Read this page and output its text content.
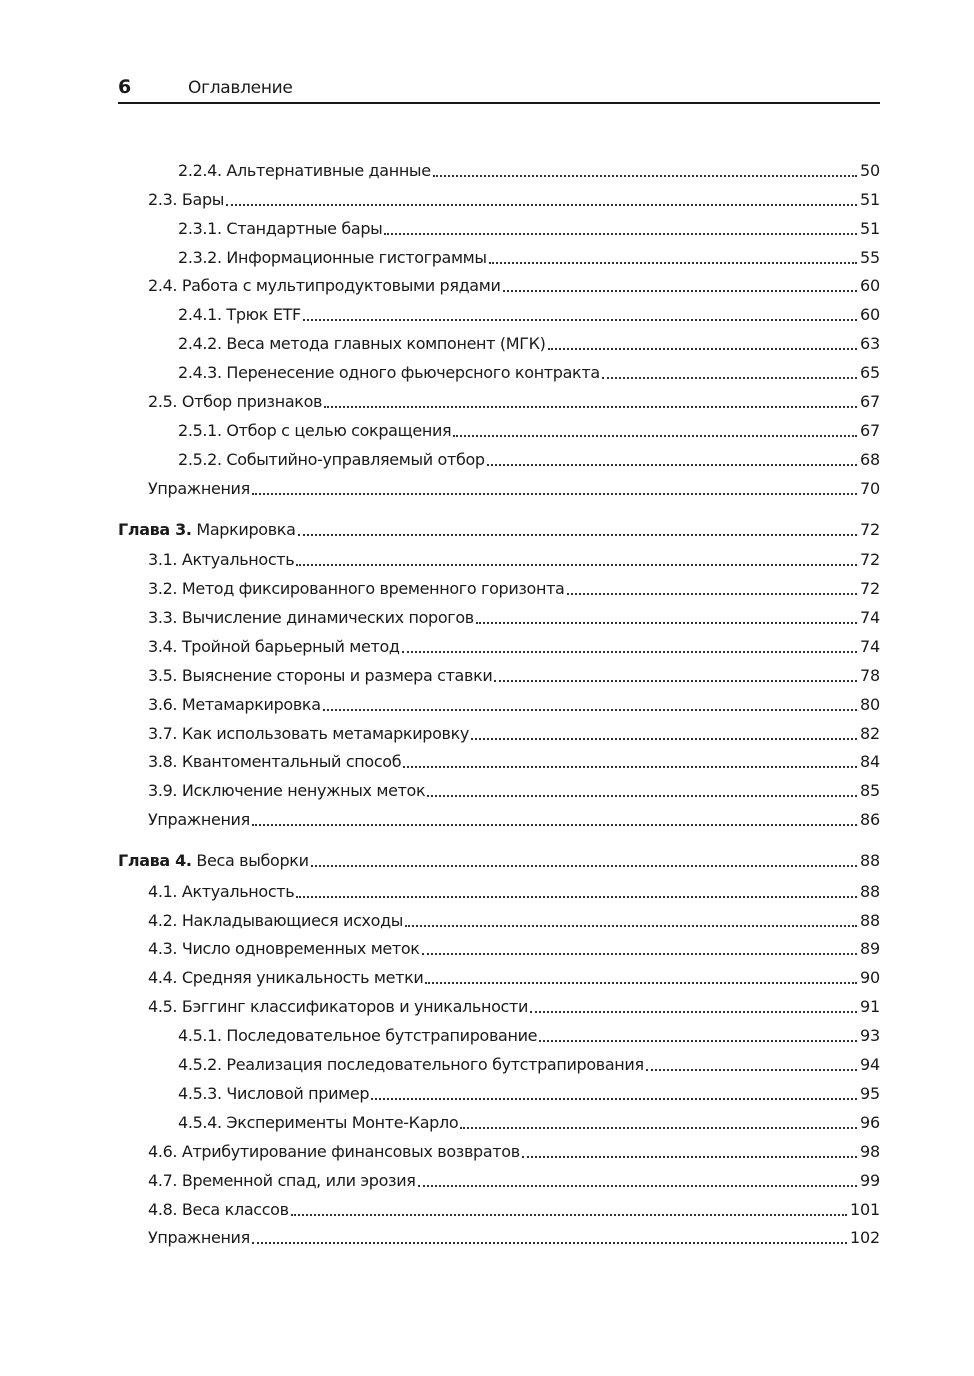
6	Оглавление
2.2.4. Альтернативные данные	50
2.3. Бары	51
2.3.1. Стандартные бары	51
2.3.2. Информационные гистограммы	55
2.4. Работа с мультипродуктовыми рядами	60
2.4.1. Трюк ETF	60
2.4.2. Веса метода главных компонент (МГК)	63
2.4.3. Перенесение одного фьючерсного контракта	65
2.5. Отбор признаков	67
2.5.1. Отбор с целью сокращения	67
2.5.2. Событийно-управляемый отбор	68
Упражнения	70
Глава 3. Маркировка	72
3.1. Актуальность	72
3.2. Метод фиксированного временного горизонта	72
3.3. Вычисление динамических порогов	74
3.4. Тройной барьерный метод	74
3.5. Выяснение стороны и размера ставки	78
3.6. Метамаркировка	80
3.7. Как использовать метамаркировку	82
3.8. Квантоментальный способ	84
3.9. Исключение ненужных меток	85
Упражнения	86
Глава 4. Веса выборки	88
4.1. Актуальность	88
4.2. Накладывающиеся исходы	88
4.3. Число одновременных меток	89
4.4. Средняя уникальность метки	90
4.5. Бэггинг классификаторов и уникальности	91
4.5.1. Последовательное бутстрапирование	93
4.5.2. Реализация последовательного бутстрапирования	94
4.5.3. Числовой пример	95
4.5.4. Эксперименты Монте-Карло	96
4.6. Атрибутирование финансовых возвратов	98
4.7. Временной спад, или эрозия	99
4.8. Веса классов	101
Упражнения	102
